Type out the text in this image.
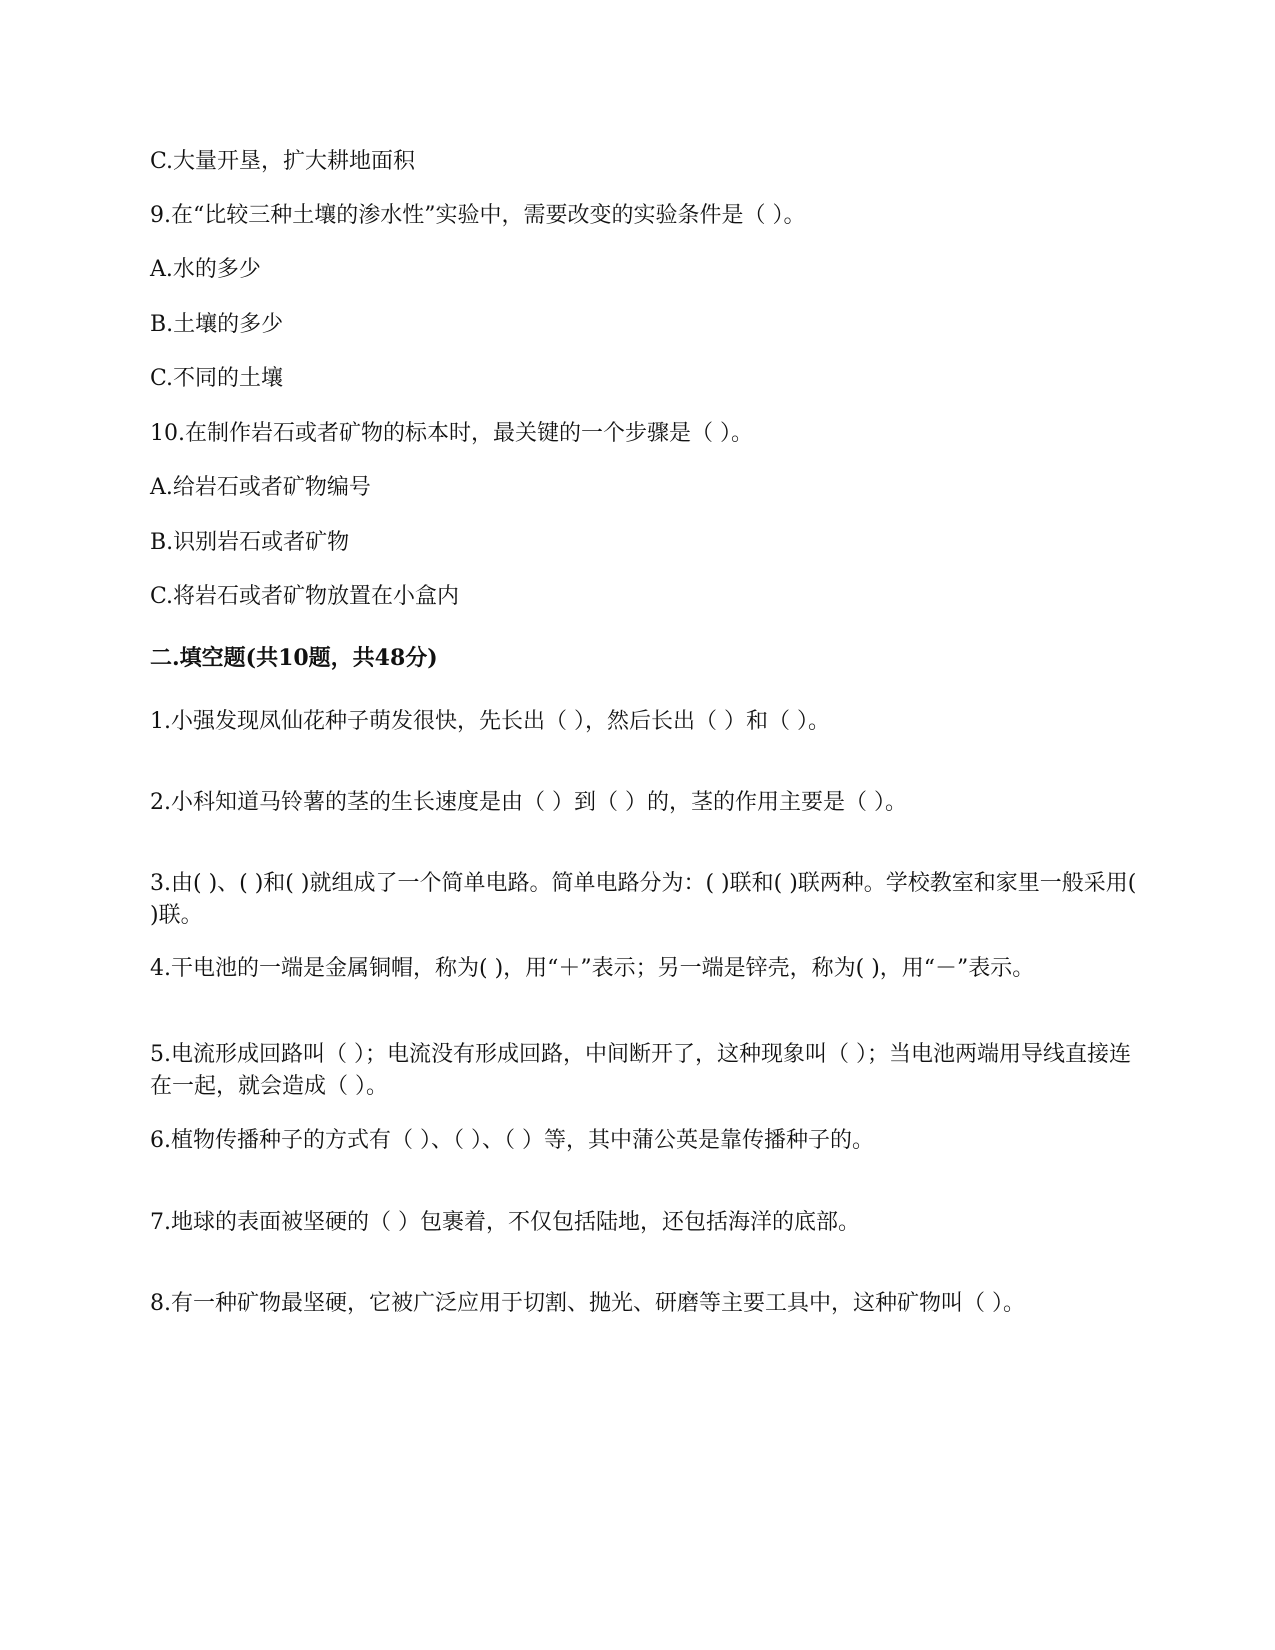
C.大量开垦，扩大耕地面积
9.在“比较三种土壤的渗水性”实验中，需要改变的实验条件是（ ）。
A.水的多少
B.土壤的多少
C.不同的土壤
10.在制作岩石或者矿物的标本时，最关键的一个步骤是（ ）。
A.给岩石或者矿物编号
B.识别岩石或者矿物
C.将岩石或者矿物放置在小盒内
二.填空题(共10题，共48分)
1.小强发现凤仙花种子萌发很快，先长出（ ），然后长出（ ）和（ ）。
2.小科知道马铃薯的茎的生长速度是由（ ）到（ ）的，茎的作用主要是（ ）。
3.由( )、( )和( )就组成了一个简单电路。简单电路分为：( )联和( )联两种。学校教室和家里一般采用( )联。
4.干电池的一端是金属铜帽，称为( )，用“＋”表示；另一端是锌壳，称为( )，用“－”表示。
5.电流形成回路叫（ ）；电流没有形成回路，中间断开了，这种现象叫（ ）；当电池两端用导线直接连在一起，就会造成（ ）。
6.植物传播种子的方式有（ ）、（ ）、（ ）等，其中蒲公英是靠传播种子的。
7.地球的表面被坚硬的（ ）包裹着，不仅包括陆地，还包括海洋的底部。
8.有一种矿物最坚硬，它被广泛应用于切割、抛光、研磨等主要工具中，这种矿物叫（ ）。
